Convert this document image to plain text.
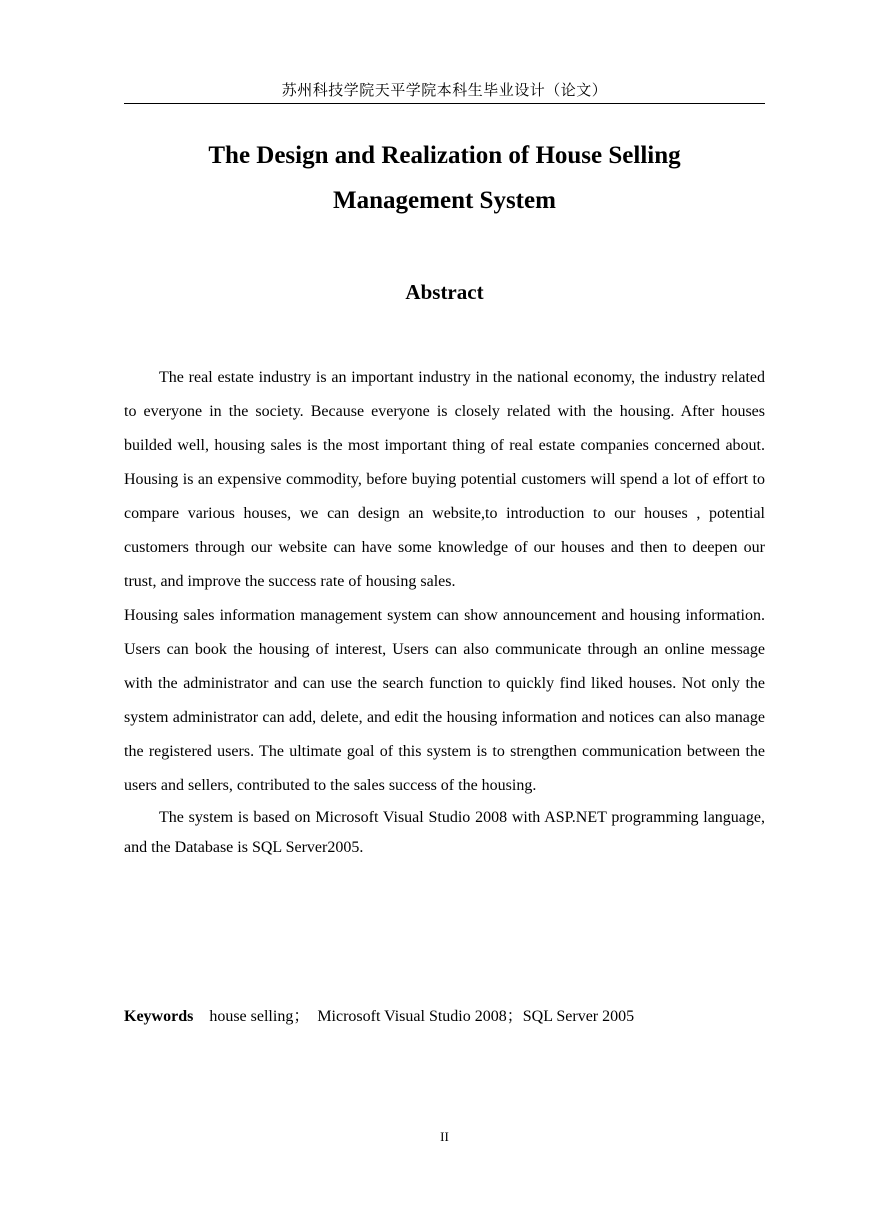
苏州科技学院天平学院本科生毕业设计（论文）
The Design and Realization of House Selling
Management System
Abstract

The real estate industry is an important industry in the national economy, the industry related to everyone in the society. Because everyone is closely related with the housing. After houses builded well, housing sales is the most important thing of real estate companies concerned about. Housing is an expensive commodity, before buying potential customers will spend a lot of effort to compare various houses, we can design an website,to introduction to our houses , potential customers through our website can have some knowledge of our houses and then to deepen our trust, and improve the success rate of housing sales.

Housing sales information management system can show announcement and housing information. Users can book the housing of interest, Users can also communicate through an online message with the administrator and can use the search function to quickly find liked houses. Not only the system administrator can add, delete, and edit the housing information and notices can also manage the registered users. The ultimate goal of this system is to strengthen communication between the users and sellers, contributed to the sales success of the housing.

The system is based on Microsoft Visual Studio 2008 with ASP.NET programming language, and the Database is SQL Server2005.

Keywords house selling；  Microsoft Visual Studio 2008；SQL Server 2005
II
